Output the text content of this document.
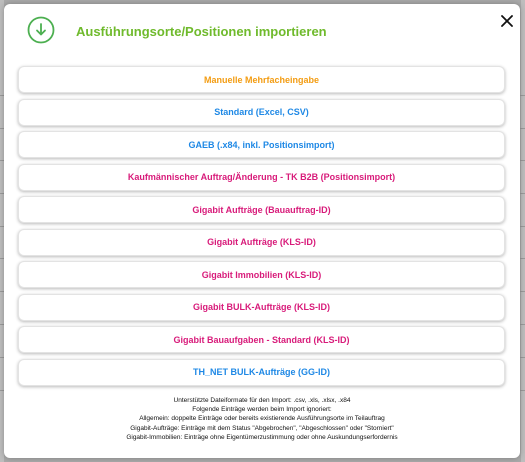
Ausführungsorte/Positionen importieren
Manuelle Mehrfacheingabe
Standard (Excel, CSV)
GAEB (.x84, inkl. Positionsimport)
Kaufmännischer Auftrag/Änderung - TK B2B (Positionsimport)
Gigabit Aufträge (Bauauftrag-ID)
Gigabit Aufträge (KLS-ID)
Gigabit Immobilien (KLS-ID)
Gigabit BULK-Aufträge (KLS-ID)
Gigabit Bauaufgaben - Standard (KLS-ID)
TH_NET BULK-Aufträge (GG-ID)
Unterstützte Dateiformate für den Import: .csv, .xls, .xlsx, .x84
Folgende Einträge werden beim Import ignoriert:
Allgemein: doppelte Einträge oder bereits existierende Ausführungsorte im Teilauftrag
Gigabit-Aufträge: Einträge mit dem Status "Abgebrochen", "Abgeschlossen" oder "Storniert"
Gigabit-Immobilien: Einträge ohne Eigentümerzustimmung oder ohne Auskundungserfordernis
